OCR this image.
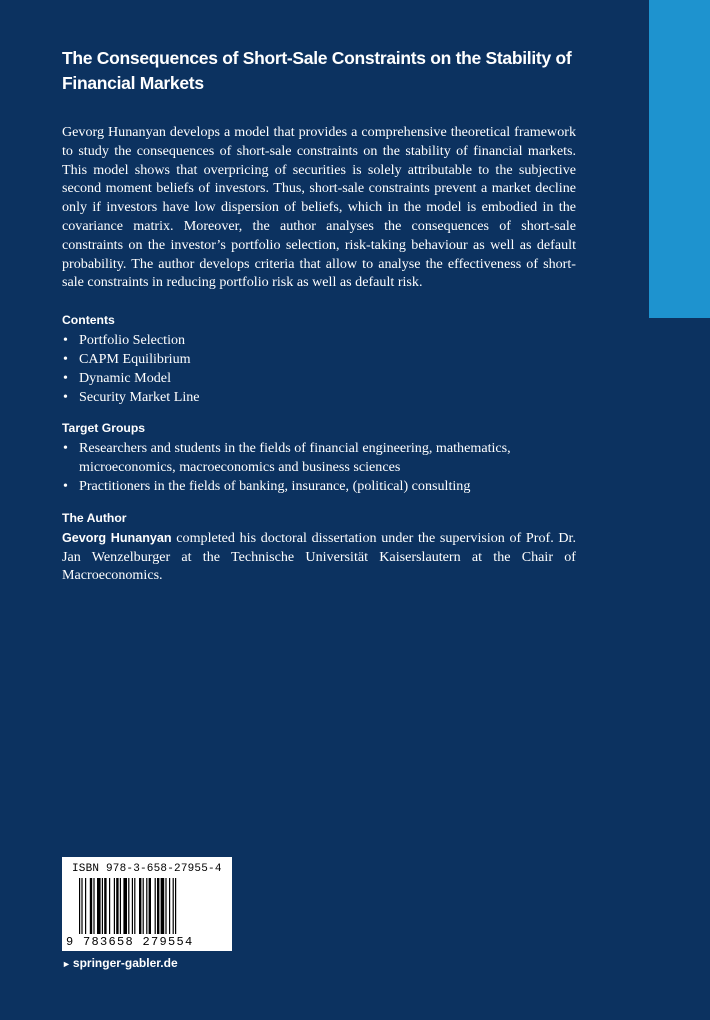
The Consequences of Short-Sale Constraints on the Stability of Financial Markets

Gevorg Hunanyan develops a model that provides a comprehensive theoretical framework to study the consequences of short-sale constraints on the stability of financial markets. This model shows that overpricing of securities is solely attributable to the subjective second moment beliefs of investors. Thus, short-sale constraints prevent a market decline only if investors have low dispersion of beliefs, which in the model is embodied in the covariance matrix. Moreover, the author analyses the consequences of short-sale constraints on the investor’s portfolio selection, risk-taking behaviour as well as default probability. The author develops criteria that allow to analyse the effectiveness of short-sale constraints in reducing portfolio risk as well as default risk.

Contents
• Portfolio Selection
• CAPM Equilibrium
• Dynamic Model
• Security Market Line
Target Groups
• Researchers and students in the fields of financial engineering, mathematics, microeconomics, macroeconomics and business sciences
• Practitioners in the fields of banking, insurance, (political) consulting
The Author

Gevorg Hunanyan completed his doctoral dissertation under the supervision of Prof. Dr. Jan Wenzelburger at the Technische Universität Kaiserslautern at the Chair of Macroeconomics.

ISBN 978-3-658-27955-4
9 783658 279554
► springer-gabler.de
